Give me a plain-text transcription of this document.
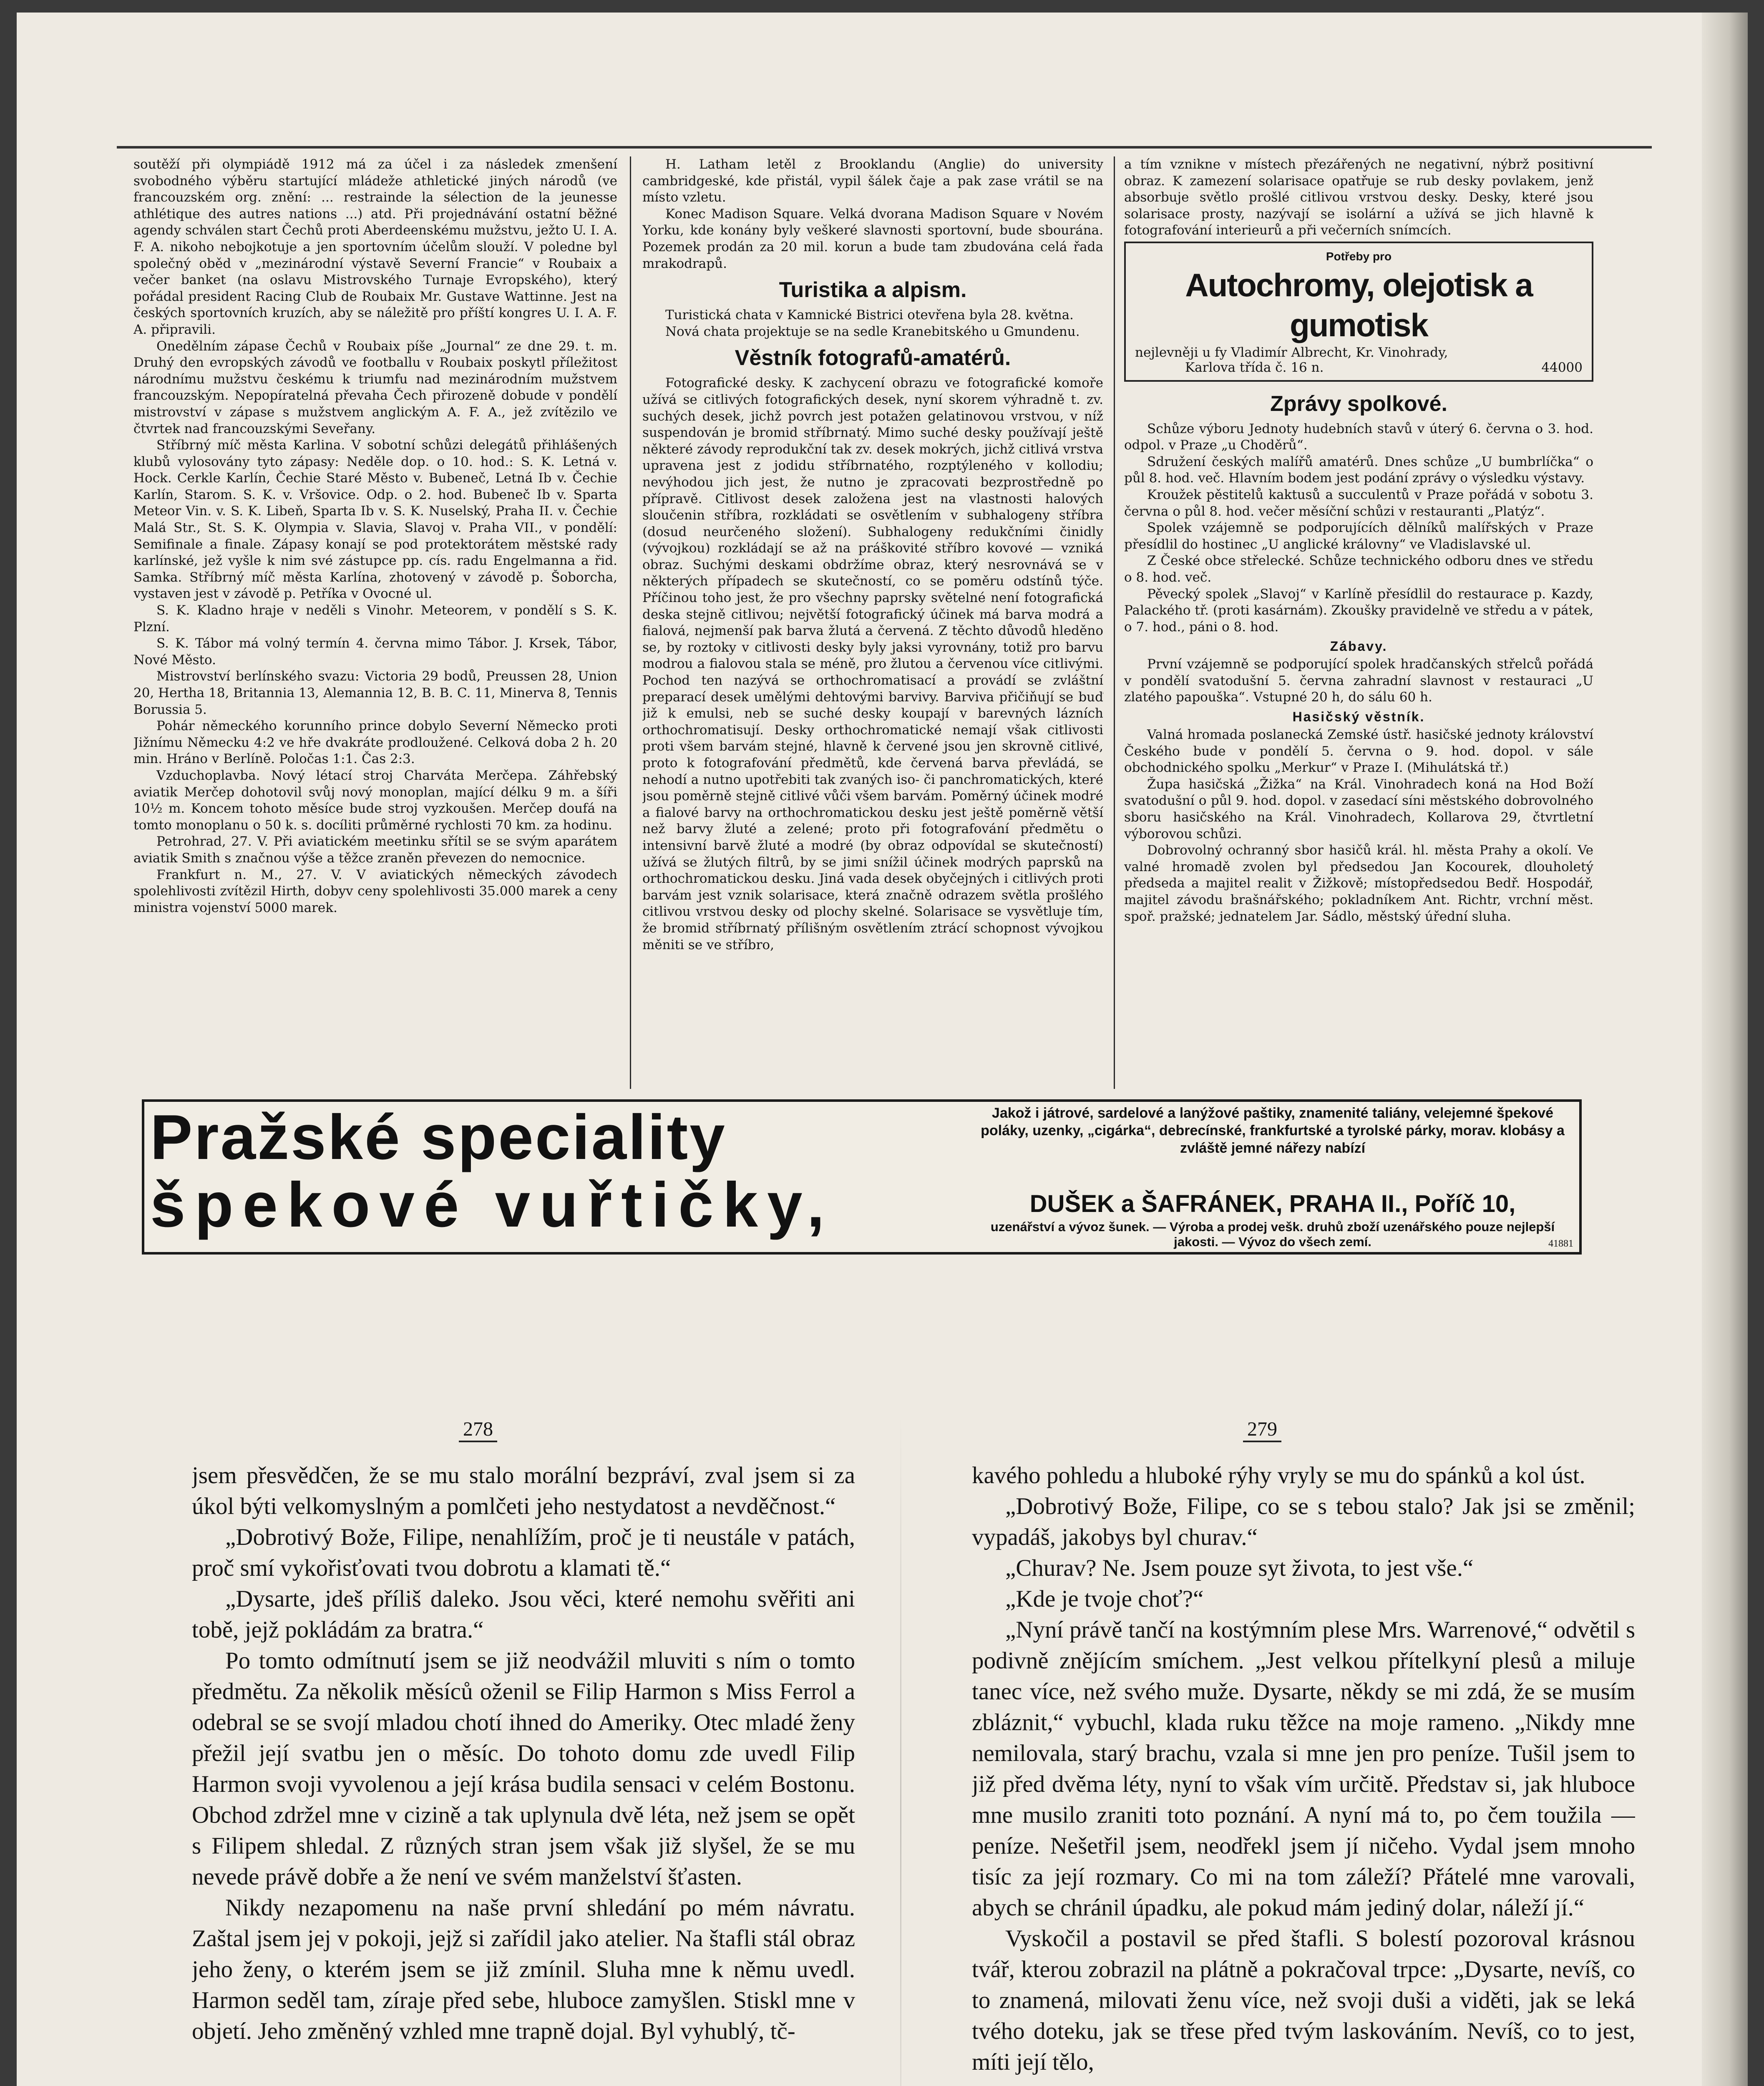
soutěží při olympiádě 1912 má za účel i za následek zmenšení svobodného výběru startující mládeže athletické jiných národů (ve francouzském org. znění: ... restrainde la sélection de la jeunesse athlétique des autres nations ...) atd. Při projednávání ostatní běžné agendy schválen start Čechů proti Aberdeenskému mužstvu, ježto U. I. A. F. A. nikoho nebojkotuje a jen sportovním účelům slouží. V poledne byl společný oběd v „mezinárodní výstavě Severní Francie“ v Roubaix a večer banket (na oslavu Mistrovského Turnaje Evropského), který pořádal president Racing Club de Roubaix Mr. Gustave Wattinne. Jest na českých sportovních kruzích, aby se náležitě pro příští kongres U. I. A. F. A. připravili.

Onedělním zápase Čechů v Roubaix píše „Journal“ ze dne 29. t. m. Druhý den evropských závodů ve footballu v Roubaix poskytl příležitost národnímu mužstvu českému k triumfu nad mezinárodním mužstvem francouzským. Nepopíratelná převaha Čech přirozeně dobude v pondělí mistrovství v zápase s mužstvem anglickým A. F. A., jež zvítězilo ve čtvrtek nad francouzskými Seveřany.

Stříbrný míč města Karlina. V sobotní schůzi delegátů přihlášených klubů vylosovány tyto zápasy: Neděle dop. o 10. hod.: S. K. Letná v. Hock. Cerkle Karlín, Čechie Staré Město v. Bubeneč, Letná Ib v. Čechie Karlín, Starom. S. K. v. Vršovice. Odp. o 2. hod. Bubeneč Ib v. Sparta Meteor Vin. v. S. K. Libeň, Sparta Ib v. S. K. Nuselský, Praha II. v. Čechie Malá Str., St. S. K. Olympia v. Slavia, Slavoj v. Praha VII., v pondělí: Semifinale a finale. Zápasy konají se pod protektorátem městské rady karlínské, jež vyšle k nim své zástupce pp. cís. radu Engelmanna a řid. Samka. Stříbrný míč města Karlína, zhotovený v závodě p. Šoborcha, vystaven jest v závodě p. Petříka v Ovocné ul.

S. K. Kladno hraje v neděli s Vinohr. Meteorem, v pondělí s S. K. Plzní.

S. K. Tábor má volný termín 4. června mimo Tábor. J. Krsek, Tábor, Nové Město.

Mistrovství berlínského svazu: Victoria 29 bodů, Preussen 28, Union 20, Hertha 18, Britannia 13, Alemannia 12, B. B. C. 11, Minerva 8, Tennis Borussia 5.

Pohár německého korunního prince dobylo Severní Německo proti Jižnímu Německu 4:2 ve hře dvakráte prodloužené. Celková doba 2 h. 20 min. Hráno v Berlíně. Poločas 1:1. Čas 2:3.

Vzduchoplavba. Nový létací stroj Charváta Merčepa. Záhřebský aviatik Merčep dohotovil svůj nový monoplan, mající délku 9 m. a šíři 10½ m. Koncem tohoto měsíce bude stroj vyzkoušen. Merčep doufá na tomto monoplanu o 50 k. s. docíliti průměrné rychlosti 70 km. za hodinu.

Petrohrad, 27. V. Při aviatickém meetinku sřítil se se svým aparátem aviatik Smith s značnou výše a těžce zraněn převezen do nemocnice.

Frankfurt n. M., 27. V. V aviatických německých závodech spolehlivosti zvítězil Hirth, dobyv ceny spolehlivosti 35.000 marek a ceny ministra vojenství 5000 marek.

H. Latham letěl z Brooklandu (Anglie) do university cambridgeské, kde přistál, vypil šálek čaje a pak zase vrátil se na místo vzletu.

Konec Madison Square. Velká dvorana Madison Square v Novém Yorku, kde konány byly veškeré slavnosti sportovní, bude sbourána. Pozemek prodán za 20 mil. korun a bude tam zbudována celá řada mrakodrapů.

Turistika a alpism.

Turistická chata v Kamnické Bistrici otevřena byla 28. května.

Nová chata projektuje se na sedle Kranebitského u Gmundenu.

Věstník fotografů-amatérů.

Fotografické desky. K zachycení obrazu ve fotografické komoře užívá se citlivých fotografických desek, nyní skorem výhradně t. zv. suchých desek, jichž povrch jest potažen gelatinovou vrstvou, v níž suspendován je bromid stříbrnatý. Mimo suché desky používají ještě některé závody reprodukční tak zv. desek mokrých, jichž citlivá vrstva upravena jest z jodidu stříbrnatého, rozptýleného v kollodiu; nevýhodou jich jest, že nutno je zpracovati bezprostředně po přípravě. Citlivost desek založena jest na vlastnosti halových sloučenin stříbra, rozkládati se osvětlením v subhalogeny stříbra (dosud neurčeného složení). Subhalogeny redukčními činidly (vývojkou) rozkládají se až na práškovité stříbro kovové — vzniká obraz. Suchými deskami obdržíme obraz, který nesrovnává se v některých případech se skutečností, co se poměru odstínů týče. Příčinou toho jest, že pro všechny paprsky světelné není fotografická deska stejně citlivou; největší fotografický účinek má barva modrá a fialová, nejmenší pak barva žlutá a červená. Z těchto důvodů hleděno se, by roztoky v citlivosti desky byly jaksi vyrovnány, totiž pro barvu modrou a fialovou stala se méně, pro žlutou a červenou více citlivými. Pochod ten nazývá se orthochromatisací a provádí se zvláštní preparací desek umělými dehtovými barvivy. Barviva přičiňují se buď již k emulsi, neb se suché desky koupají v barevných lázních orthochromatisují. Desky orthochromatické nemají však citlivosti proti všem barvám stejné, hlavně k červené jsou jen skrovně citlivé, proto k fotografování předmětů, kde červená barva převládá, se nehodí a nutno upotřebiti tak zvaných iso- či panchromatických, které jsou poměrně stejně citlivé vůči všem barvám. Poměrný účinek modré a fialové barvy na orthochromatickou desku jest ještě poměrně větší než barvy žluté a zelené; proto při fotografování předmětu o intensivní barvě žluté a modré (by obraz odpovídal se skutečností) užívá se žlutých filtrů, by se jimi snížil účinek modrých paprsků na orthochromatickou desku. Jiná vada desek obyčejných i citlivých proti barvám jest vznik solarisace, která značně odrazem světla prošlého citlivou vrstvou desky od plochy skelné. Solarisace se vysvětluje tím, že bromid stříbrnatý přílišným osvětlením ztrácí schopnost vývojkou měniti se ve stříbro,

a tím vznikne v místech přezářených ne negativní, nýbrž positivní obraz. K zamezení solarisace opatřuje se rub desky povlakem, jenž absorbuje světlo prošlé citlivou vrstvou desky. Desky, které jsou solarisace prosty, nazývají se isolární a užívá se jich hlavně k fotografování interieurů a při večerních snímcích.

Potřeby pro
Autochromy, olejotisk a gumotisk
nejlevněji u fy Vladimír Albrecht, Kr. Vinohrady,
Karlova třída č. 16 n.	44000
Zprávy spolkové.

Schůze výboru Jednoty hudebních stavů v úterý 6. června o 3. hod. odpol. v Praze „u Choděrů“.

Sdružení českých malířů amatérů. Dnes schůze „U bumbrlíčka“ o půl 8. hod. več. Hlavním bodem jest podání zprávy o výsledku výstavy.

Kroužek pěstitelů kaktusů a succulentů v Praze pořádá v sobotu 3. června o půl 8. hod. večer měsíční schůzi v restauranti „Platýz“.

Spolek vzájemně se podporujících dělníků malířských v Praze přesídlil do hostinec „U anglické královny“ ve Vladislavské ul.

Z České obce střelecké. Schůze technického odboru dnes ve středu o 8. hod. več.

Pěvecký spolek „Slavoj“ v Karlíně přesídlil do restaurace p. Kazdy, Palackého tř. (proti kasárnám). Zkoušky pravidelně ve středu a v pátek, o 7. hod., páni o 8. hod.

Zábavy.

První vzájemně se podporující spolek hradčanských střelců pořádá v pondělí svatodušní 5. června zahradní slavnost v restauraci „U zlatého papouška“. Vstupné 20 h, do sálu 60 h.

Hasičský věstník.

Valná hromada poslanecká Zemské ústř. hasičské jednoty království Českého bude v pondělí 5. června o 9. hod. dopol. v sále obchodnického spolku „Merkur“ v Praze I. (Mihulátská tř.)

Župa hasičská „Žižka“ na Král. Vinohradech koná na Hod Boží svatodušní o půl 9. hod. dopol. v zasedací síni městského dobrovolného sboru hasičského na Král. Vinohradech, Kollarova 29, čtvrtletní výborovou schůzi.

Dobrovolný ochranný sbor hasičů král. hl. města Prahy a okolí. Ve valné hromadě zvolen byl předsedou Jan Kocourek, dlouholetý předseda a majitel realit v Žižkově; místopředsedou Bedř. Hospodář, majitel závodu brašnářského; pokladníkem Ant. Richtr, vrchní měst. spoř. pražské; jednatelem Jar. Sádlo, městský úřední sluha.

Pražské speciality
špekové vuřtičky,
Jakož i játrové, sardelové a lanýžové paštiky, znamenité taliány, velejemné špekové poláky, uzenky, „cigárka“, debrecínské, frankfurtské a tyrolské párky, morav. klobásy a zvláště jemné nářezy nabízí
DUŠEK a ŠAFRÁNEK, PRAHA II., Poříč 10,
uzenářství a vývoz šunek. — Výroba a prodej vešk. druhů zboží uzenářského pouze nejlepší jakosti. — Vývoz do všech zemí.	41881
278	279

jsem přesvědčen, že se mu stalo morální bezpráví, zval jsem si za úkol býti velkomyslným a pomlčeti jeho nestydatost a nevděčnost.“

„Dobrotivý Bože, Filipe, nenahlížím, proč je ti neustále v patách, proč smí vykořisťovati tvou dobrotu a klamati tě.“

„Dysarte, jdeš příliš daleko. Jsou věci, které nemohu svěřiti ani tobě, jejž pokládám za bratra.“

Po tomto odmítnutí jsem se již neodvážil mluviti s ním o tomto předmětu. Za několik měsíců oženil se Filip Harmon s Miss Ferrol a odebral se se svojí mladou chotí ihned do Ameriky. Otec mladé ženy přežil její svatbu jen o měsíc. Do tohoto domu zde uvedl Filip Harmon svoji vyvolenou a její krása budila sensaci v celém Bostonu. Obchod zdržel mne v cizině a tak uplynula dvě léta, než jsem se opět s Filipem shledal. Z různých stran jsem však již slyšel, že se mu nevede právě dobře a že není ve svém manželství šťasten.

Nikdy nezapomenu na naše první shledání po mém návratu. Zaštal jsem jej v pokoji, jejž si zařídil jako atelier. Na štafli stál obraz jeho ženy, o kterém jsem se již zmínil. Sluha mne k němu uvedl. Harmon seděl tam, zíraje před sebe, hluboce zamyšlen. Stiskl mne v objetí. Jeho změněný vzhled mne trapně dojal. Byl vyhublý, tč-

kavého pohledu a hluboké rýhy vryly se mu do spánků a kol úst.

„Dobrotivý Bože, Filipe, co se s tebou stalo? Jak jsi se změnil; vypadáš, jakobys byl churav.“

„Churav? Ne. Jsem pouze syt života, to jest vše.“

„Kde je tvoje choť?“

„Nyní právě tančí na kostýmním plese Mrs. Warrenové,“ odvětil s podivně znějícím smíchem. „Jest velkou přítelkyní plesů a miluje tanec více, než svého muže. Dysarte, někdy se mi zdá, že se musím zbláznit,“ vybuchl, klada ruku těžce na moje rameno. „Nikdy mne nemilovala, starý brachu, vzala si mne jen pro peníze. Tušil jsem to již před dvěma léty, nyní to však vím určitě. Představ si, jak hluboce mne musilo zraniti toto poznání. A nyní má to, po čem toužila — peníze. Nešetřil jsem, neodřekl jsem jí ničeho. Vydal jsem mnoho tisíc za její rozmary. Co mi na tom záleží? Přátelé mne varovali, abych se chránil úpadku, ale pokud mám jediný dolar, náleží jí.“

Vyskočil a postavil se před štafli. S bolestí pozoroval krásnou tvář, kterou zobrazil na plátně a pokračoval trpce: „Dysarte, nevíš, co to znamená, milovati ženu více, než svoji duši a viděti, jak se leká tvého doteku, jak se třese před tvým laskováním. Nevíš, co to jest, míti její tělo,
